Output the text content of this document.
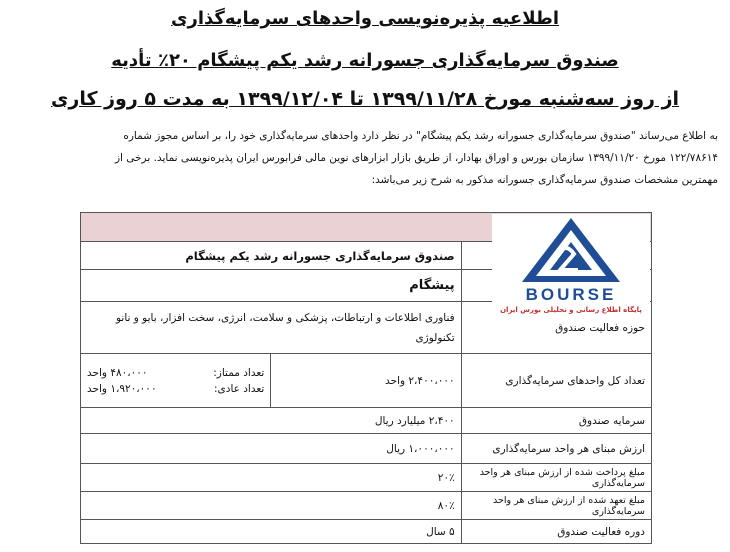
اطلاعیه پذیره‌نویسی واحدهای سرمایه‌گذاری
صندوق سرمایه‌گذاری جسورانه رشد یکم پیشگام ۲۰٪ تأدیه
از روز سه‌شنبه مورخ ۱۳۹۹/۱۱/۲۸ تا ۱۳۹۹/۱۲/۰۴ به مدت ۵ روز کاری

به اطلاع می‌رساند "صندوق سرمایه‌گذاری جسورانه رشد یکم پیشگام" در نظر دارد واحدهای سرمایه‌گذاری خود را، بر اساس مجوز شماره

۱۲۲/۷۸۶۱۴ مورخ ۱۳۹۹/۱۱/۲۰ سازمان بورس و اوراق بهادار، از طریق بازار ابزارهای نوین مالی فرابورس ایران پذیره‌نویسی نماید. برخی از

مهمترین مشخصات صندوق سرمایه‌گذاری جسورانه مذکور به شرح زیر می‌باشد:

	صندوق سرمایه‌گذاری جسورانه رشد یکم پیشگام	
	پیشگام	
حوزه فعالیت صندوق	فناوری اطلاعات و ارتباطات، پزشکی و سلامت، انرژی، سخت افزار، بایو و نانو تکنولوژی	
تعداد کل واحدهای سرمایه‌گذاری	۲،۴۰۰،۰۰۰ واحد	تعداد ممتاز:
۴۸۰،۰۰۰ واحد
تعداد عادی:
۱،۹۲۰،۰۰۰ واحد

سرمایه صندوق	۲،۴۰۰ میلیارد ریال	
ارزش مبنای هر واحد سرمایه‌گذاری	۱،۰۰۰،۰۰۰ ریال	
مبلغ پرداخت شده از ارزش مبنای هر واحد سرمایه‌گذاری	۲۰٪	
مبلغ تعهد شده از ارزش مبنای هر واحد سرمایه‌گذاری	۸۰٪	
دوره فعالیت صندوق	۵ سال	
BOURSE
پایگاه اطلاع رسانی و تحلیلی بورس ایران
